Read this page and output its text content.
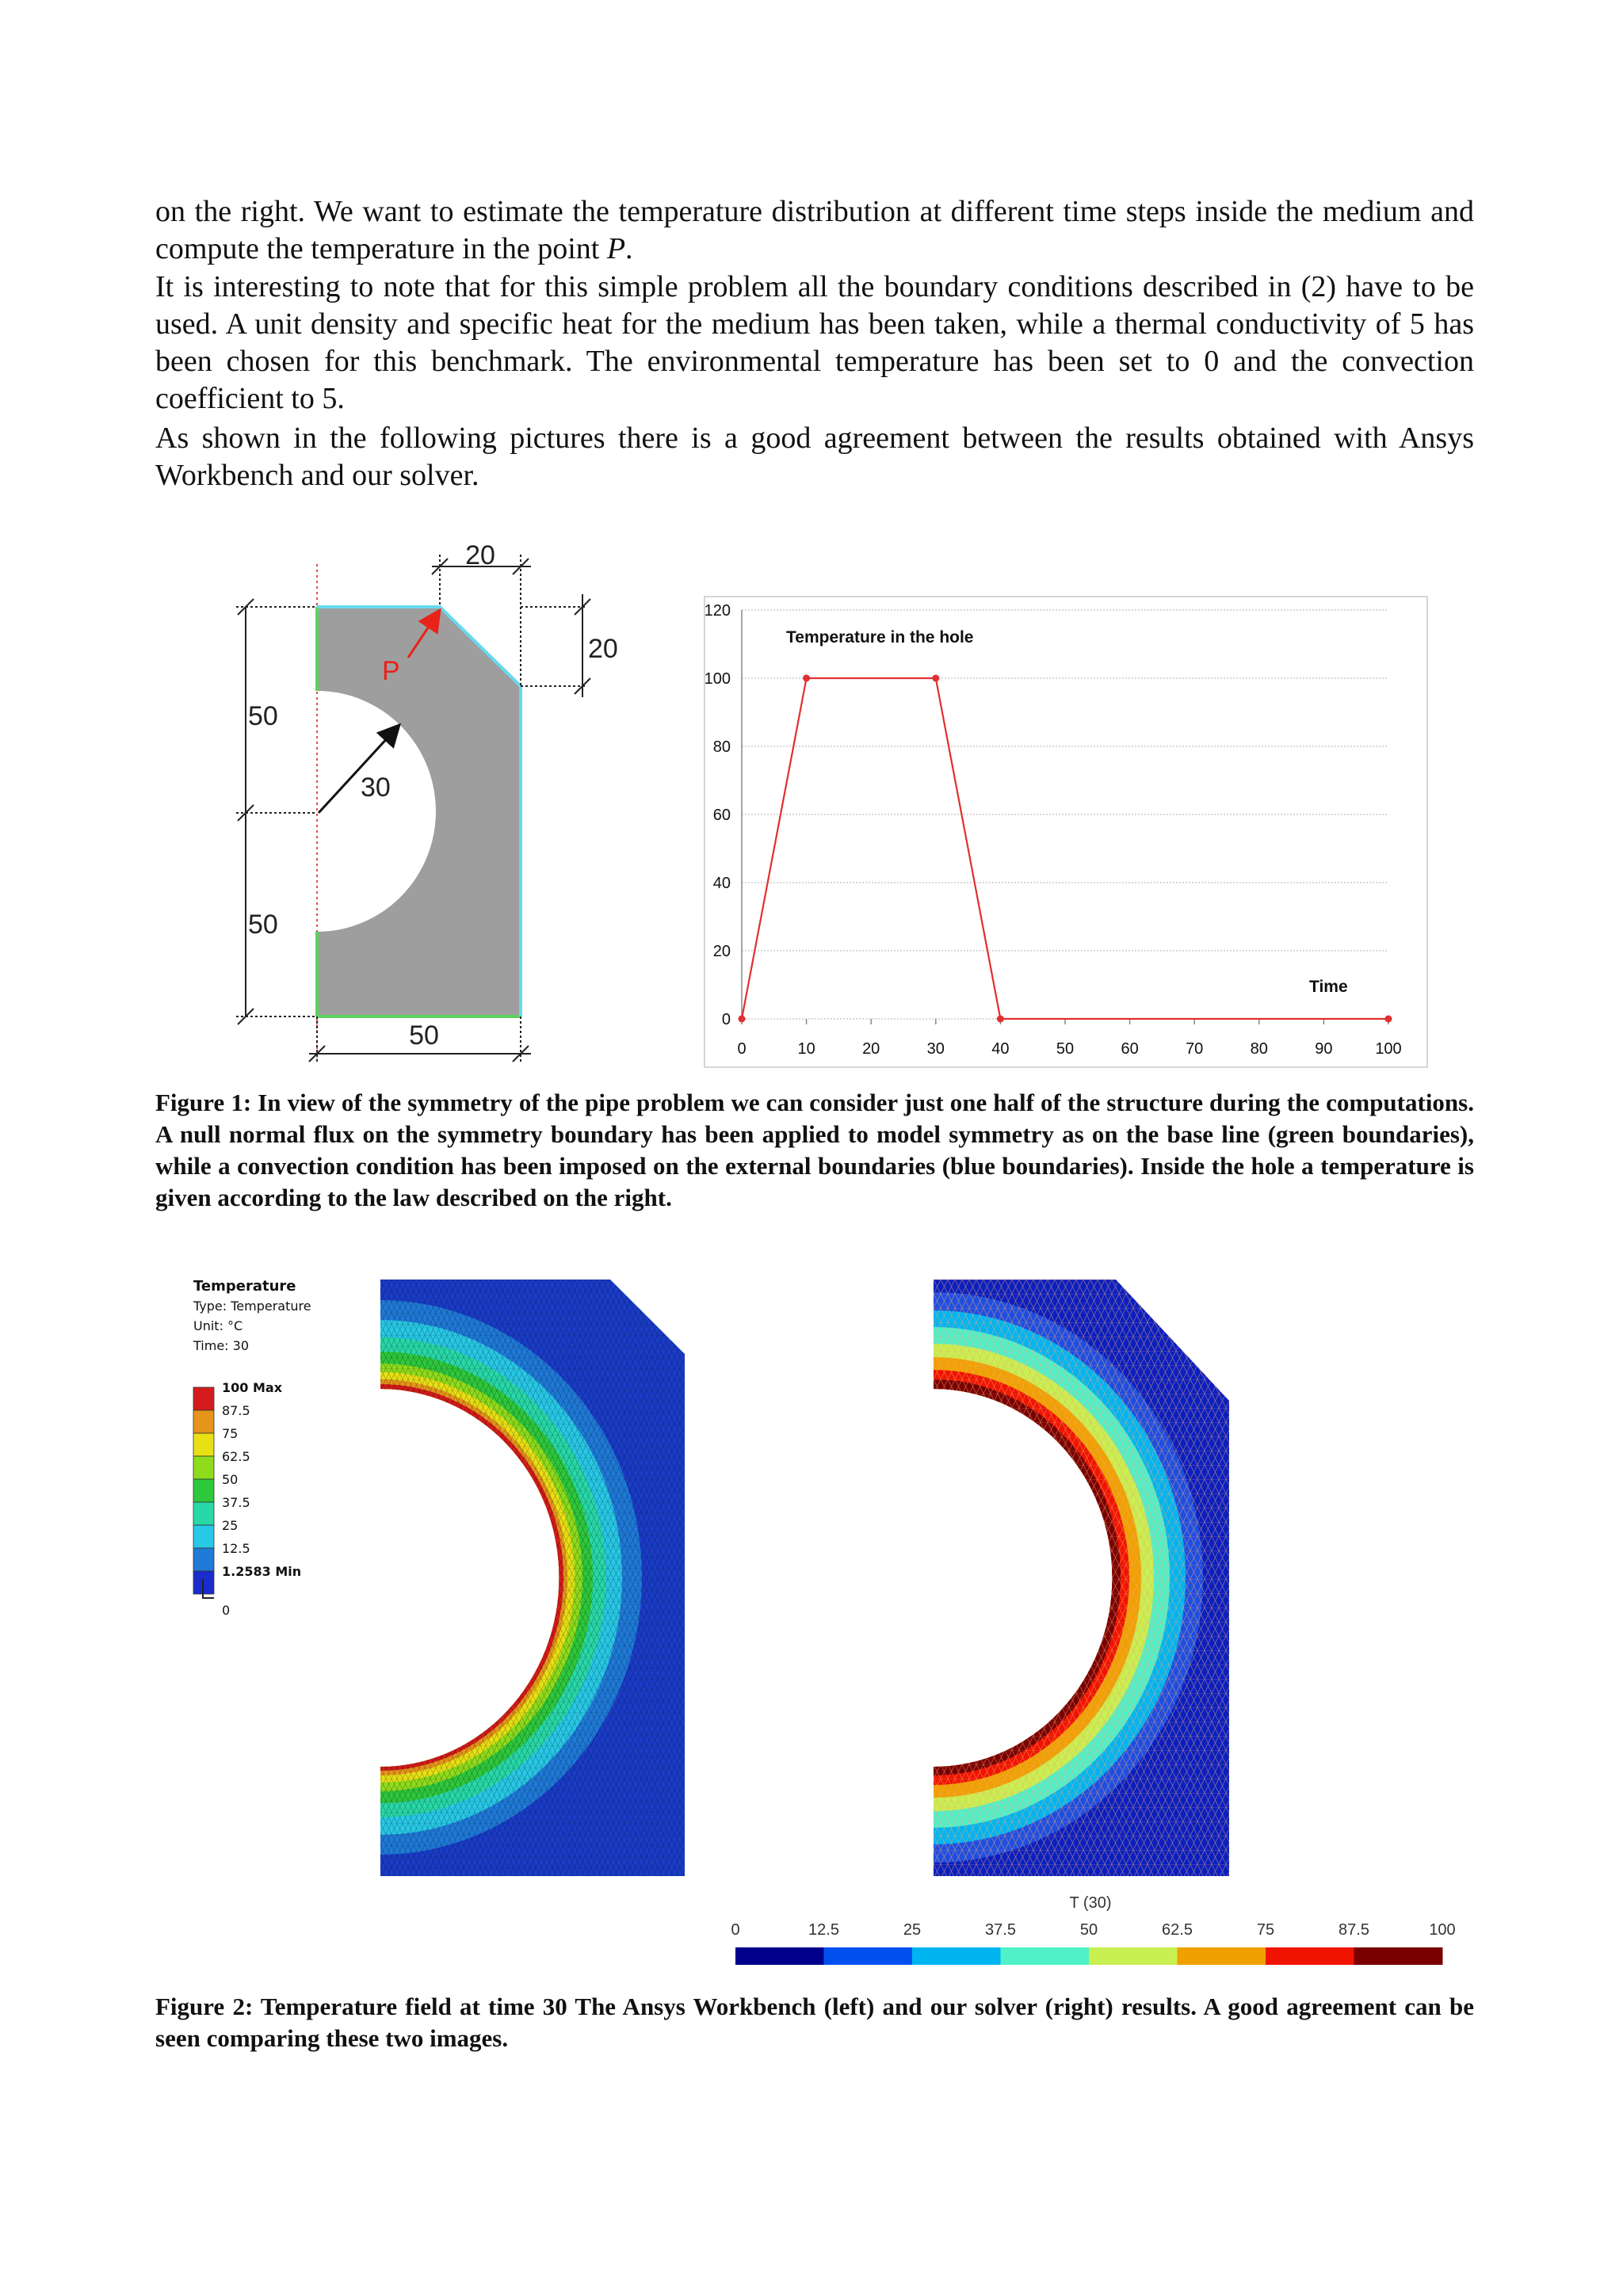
on the right. We want to estimate the temperature distribution at different time steps inside the medium and compute the temperature in the point P.

It is interesting to note that for this simple problem all the boundary conditions described in (2) have to be used. A unit density and specific heat for the medium has been taken, while a thermal conductivity of 5 has been chosen for this benchmark. The environmental temperature has been set to 0 and the convection coefficient to 5.

As shown in the following pictures there is a good agreement between the results obtained with Ansys Workbench and our solver.

20
20
50
50
30
50
P
0
20
40
60
80
100
120
0	10	20	30	40	50	60	70	80	90	100
Temperature in the hole
Time

Figure 1: In view of the symmetry of the pipe problem we can consider just one half of the structure during the computations. A null normal flux on the symmetry boundary has been applied to model symmetry as on the base line (green boundaries), while a convection condition has been imposed on the external boundaries (blue boundaries). Inside the hole a temperature is given according to the law described on the right.

Temperature
Type: Temperature
Unit: °C
Time: 30
100 Max
87.5
75
62.5
50
37.5
25
12.5
1.2583 Min
0
T (30)
0	12.5	25	37.5	50	62.5	75	87.5	100

Figure 2: Temperature field at time 30 The Ansys Workbench (left) and our solver (right) results. A good agreement can be seen comparing these two images.
